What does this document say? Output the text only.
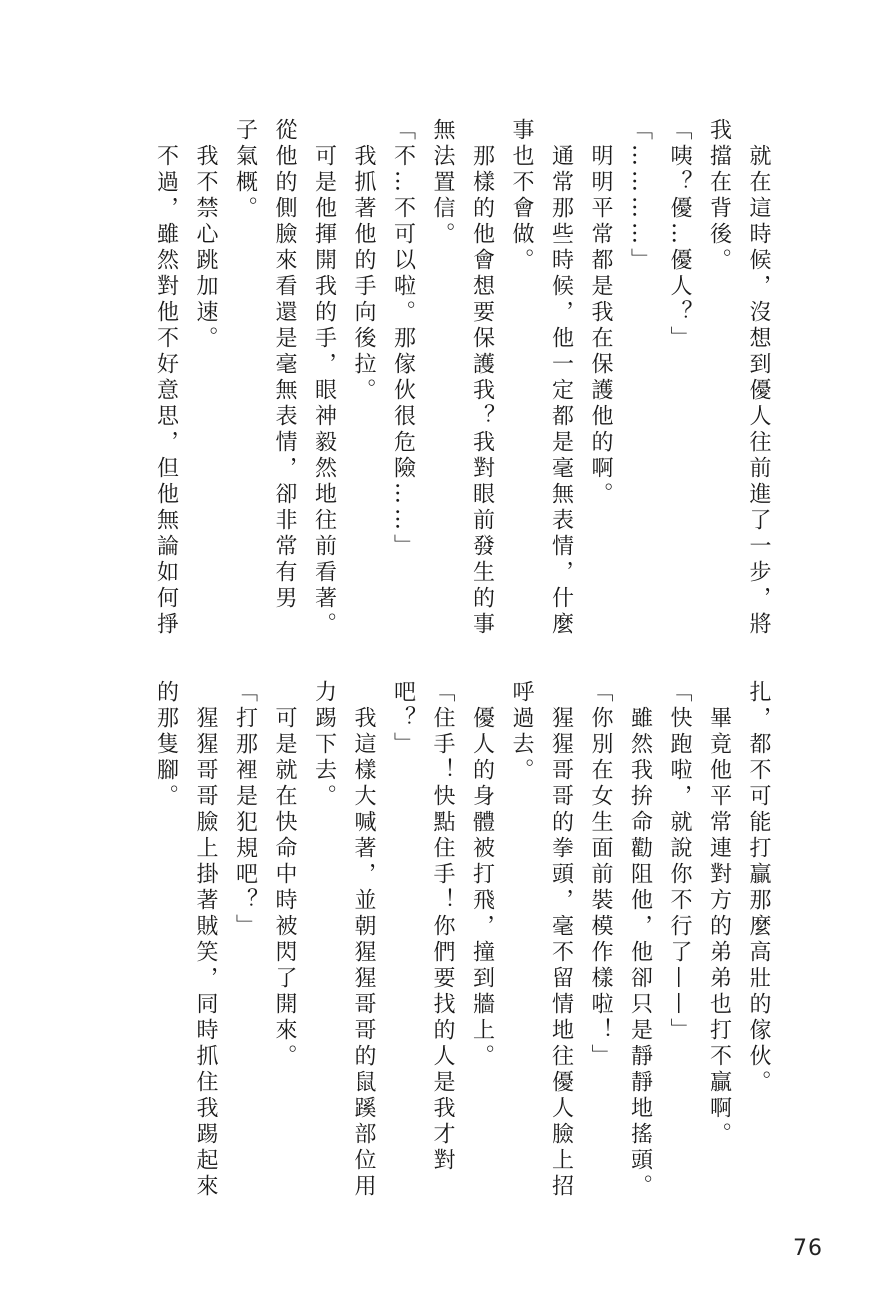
　就在這時候，沒想到優人往前進了一步，將
我擋在背後。
「咦？優…優人？」
「…………」
　明明平常都是我在保護他的啊。
　通常那些時候，他一定都是毫無表情，什麼
事也不會做。
　那樣的他會想要保護我？我對眼前發生的事
無法置信。
「不…不可以啦。那傢伙很危險……」
　我抓著他的手向後拉。
　可是他揮開我的手，眼神毅然地往前看著。
從他的側臉來看還是毫無表情，卻非常有男
子氣概。
　我不禁心跳加速。
　不過，雖然對他不好意思，但他無論如何掙
扎，都不可能打贏那麼高壯的傢伙。
　畢竟他平常連對方的弟弟也打不贏啊。
「快跑啦，就說你不行了——」
　雖然我拚命勸阻他，他卻只是靜靜地搖頭。
「你別在女生面前裝模作樣啦！」
　猩猩哥哥的拳頭，毫不留情地往優人臉上招
呼過去。
　優人的身體被打飛，撞到牆上。
「住手！快點住手！你們要找的人是我才對
吧？」
　我這樣大喊著，並朝猩猩哥哥的鼠蹊部位用
力踢下去。
　可是就在快命中時被閃了開來。
「打那裡是犯規吧？」
　猩猩哥哥臉上掛著賊笑，同時抓住我踢起來
的那隻腳。
76
